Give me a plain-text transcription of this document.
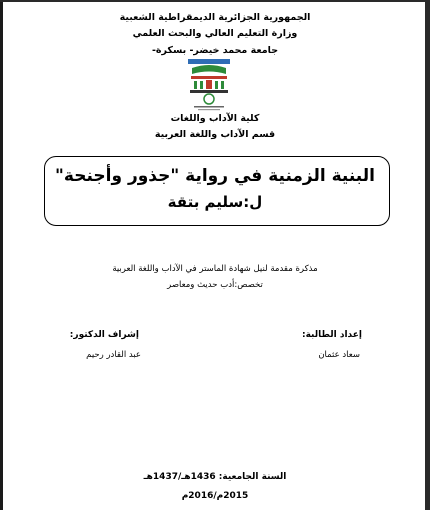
الجمهورية الجزائرية الديمقراطية الشعبية
وزارة التعليم العالي والبحث العلمي
جامعة محمد خيضر- بسكرة-
كلية الآداب واللغات
قسم الآداب واللغة العربية
البنية الزمنية في رواية "جذور وأجنحة"
ل:سليم بتقة
مذكرة مقدمة لنيل شهادة الماستر في الآداب واللغة العربية
تخصص:أدب حديث ومعاصر
إعداد الطالبة:
سعاد عثمان
إشراف الدكتور:
عبد القادر رحيم
السنة الجامعية: 1436هـ/1437هـ
2015م/2016م
